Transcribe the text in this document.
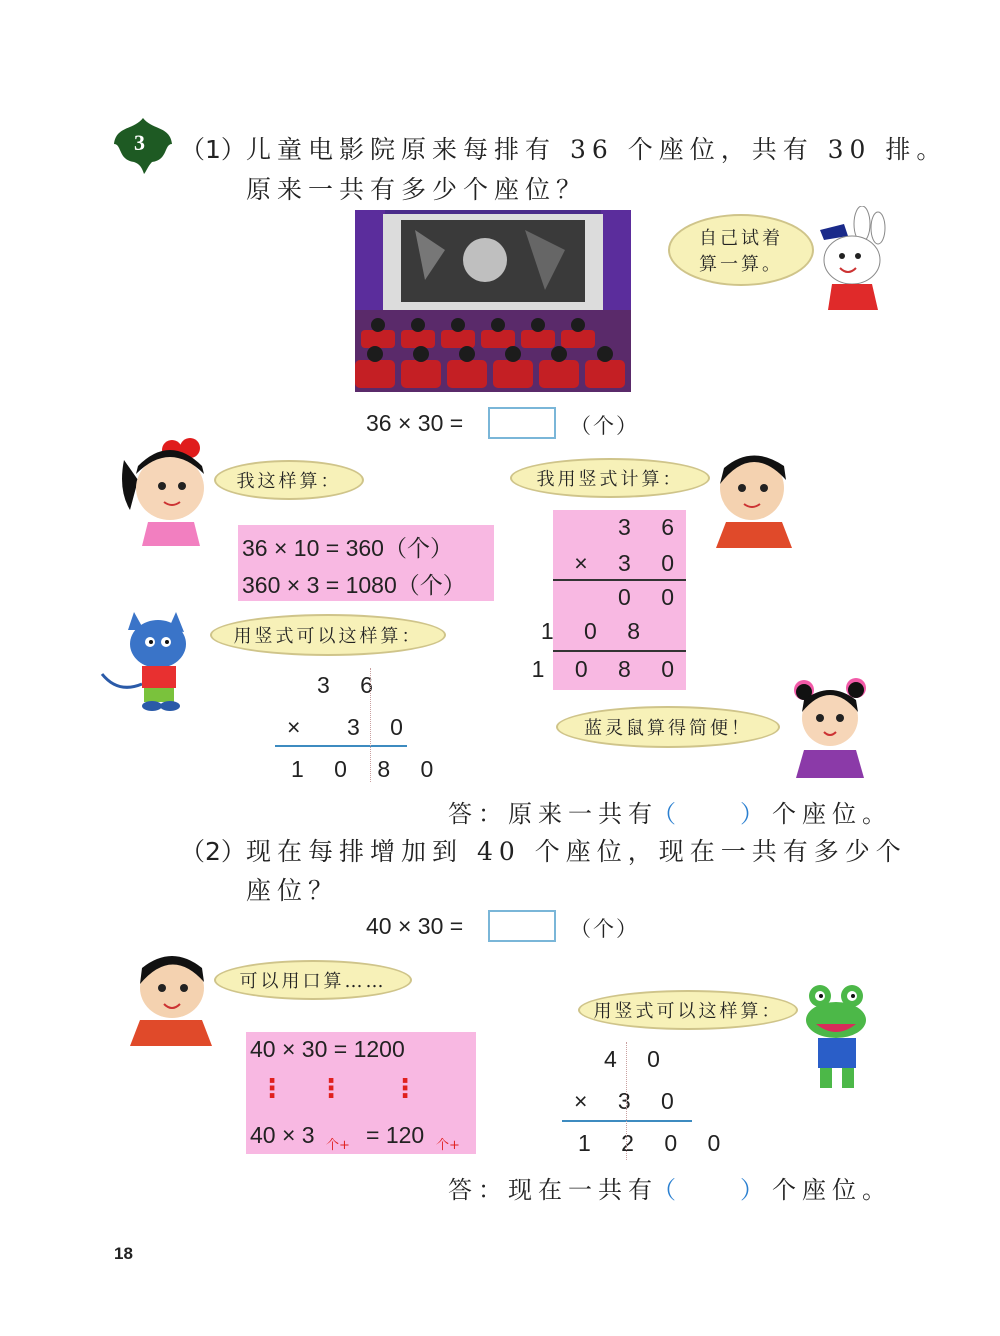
3 （1） 儿童电影院原来每排有 36 个座位，共有 30 排。
原来一共有多少个座位？
自己试着
算一算。
36 × 30 =	（个）
我这样算：
36 × 10 = 360（个）
360 × 3 = 1080（个）
我用竖式计算：
3 6
× 3 0
0 0
1 0 8
1 0 8 0
用竖式可以这样算：
3 6
× 3 0
1 0 8 0
蓝灵鼠算得简便！
答：原来一共有
（	） 个座位。
（2） 现在每排增加到 40 个座位，现在一共有多少个
座位？
40 × 30 =	（个）
可以用口算……
40 × 30 = 1200
⋮ ⋮ ⋮
40 × 3 个+ = 120 个+
用竖式可以这样算：
4 0
× 3 0
1 2 0 0
答：现在一共有
（	） 个座位。
18
